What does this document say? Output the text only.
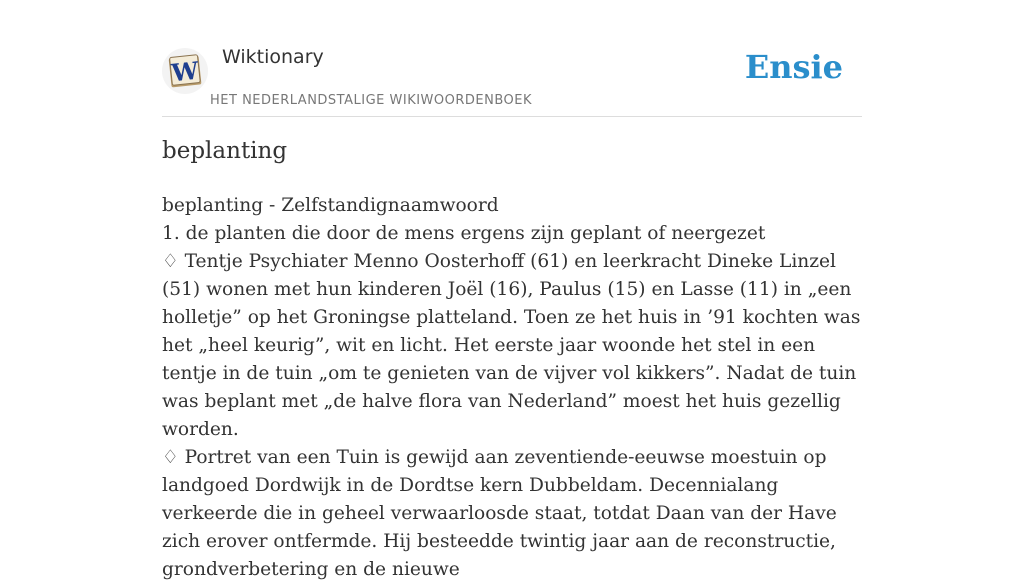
W Wiktionary
HET NEDERLANDSTALIGE WIKIWOORDENBOEK
Ensie
beplanting

beplanting - Zelfstandignaamwoord

1. de planten die door de mens ergens zijn geplant of neergezet

♢ Tentje Psychiater Menno Oosterhoff (61) en leerkracht Dineke Linzel (51) wonen met hun kinderen Joël (16), Paulus (15) en Lasse (11) in „een holletje” op het Groningse platteland. Toen ze het huis in ’91 kochten was het „heel keurig”, wit en licht. Het eerste jaar woonde het stel in een tentje in de tuin „om te genieten van de vijver vol kikkers”. Nadat de tuin was beplant met „de halve flora van Nederland” moest het huis gezellig worden.

♢ Portret van een Tuin is gewijd aan zeventiende-eeuwse moestuin op landgoed Dordwijk in de Dordtse kern Dubbeldam. Decennialang verkeerde die in geheel verwaarloosde staat, totdat Daan van der Have zich erover ontfermde. Hij besteedde twintig jaar aan de reconstructie, grondverbetering en de nieuwe
